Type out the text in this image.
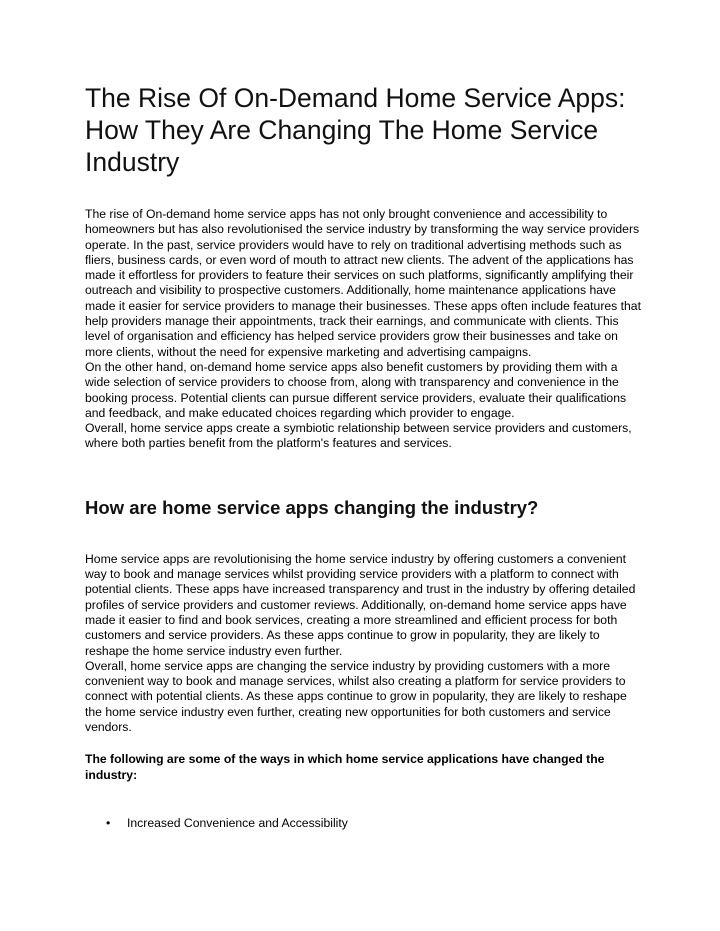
The Rise Of On-Demand Home Service Apps: How They Are Changing The Home Service Industry

The rise of On-demand home service apps has not only brought convenience and accessibility to homeowners but has also revolutionised the service industry by transforming the way service providers operate. In the past, service providers would have to rely on traditional advertising methods such as fliers, business cards, or even word of mouth to attract new clients. The advent of the applications has made it effortless for providers to feature their services on such platforms, significantly amplifying their outreach and visibility to prospective customers. Additionally, home maintenance applications have made it easier for service providers to manage their businesses. These apps often include features that help providers manage their appointments, track their earnings, and communicate with clients. This level of organisation and efficiency has helped service providers grow their businesses and take on more clients, without the need for expensive marketing and advertising campaigns.

On the other hand, on-demand home service apps also benefit customers by providing them with a wide selection of service providers to choose from, along with transparency and convenience in the booking process. Potential clients can pursue different service providers, evaluate their qualifications and feedback, and make educated choices regarding which provider to engage.

Overall, home service apps create a symbiotic relationship between service providers and customers, where both parties benefit from the platform's features and services.

How are home service apps changing the industry?

Home service apps are revolutionising the home service industry by offering customers a convenient way to book and manage services whilst providing service providers with a platform to connect with potential clients. These apps have increased transparency and trust in the industry by offering detailed profiles of service providers and customer reviews. Additionally, on-demand home service apps have made it easier to find and book services, creating a more streamlined and efficient process for both customers and service providers. As these apps continue to grow in popularity, they are likely to reshape the home service industry even further.

Overall, home service apps are changing the service industry by providing customers with a more convenient way to book and manage services, whilst also creating a platform for service providers to connect with potential clients. As these apps continue to grow in popularity, they are likely to reshape the home service industry even further, creating new opportunities for both customers and service vendors.

The following are some of the ways in which home service applications have changed the industry:

• Increased Convenience and Accessibility
